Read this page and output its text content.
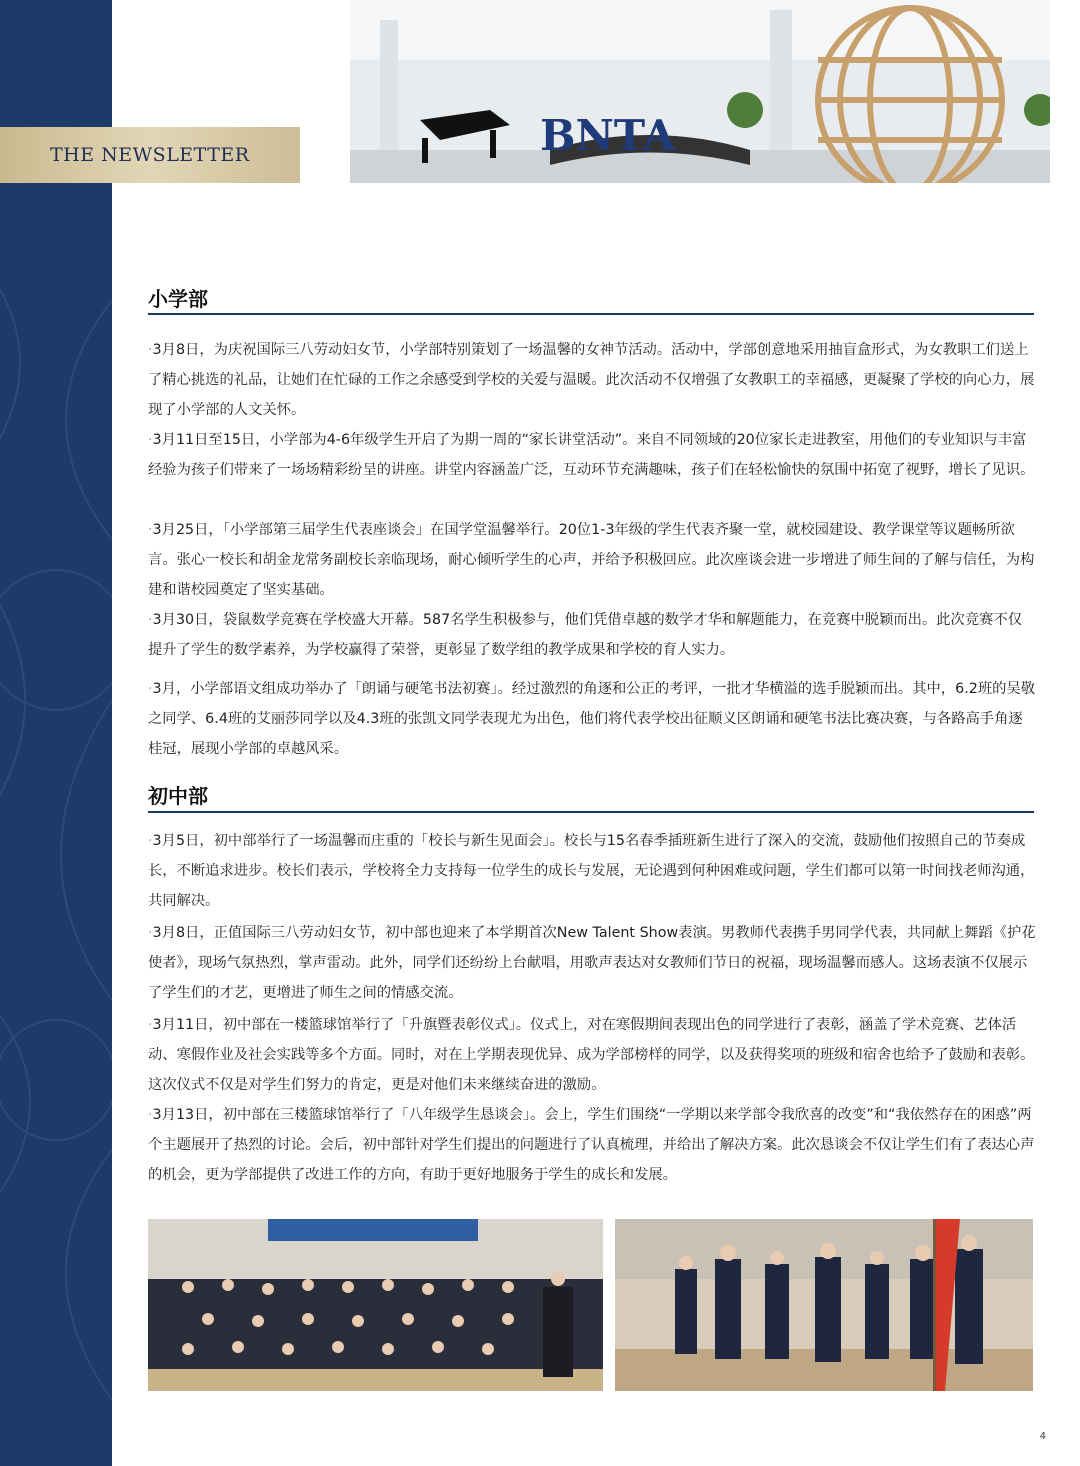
THE NEWSLETTER	BNTA
小学部

·3月8日，为庆祝国际三八劳动妇女节，小学部特别策划了一场温馨的女神节活动。活动中，学部创意地采用抽盲盒形式，为女教职工们送上了精心挑选的礼品，让她们在忙碌的工作之余感受到学校的关爱与温暖。此次活动不仅增强了女教职工的幸福感，更凝聚了学校的向心力，展现了小学部的人文关怀。

·3月11日至15日，小学部为4-6年级学生开启了为期一周的“家长讲堂活动”。来自不同领域的20位家长走进教室，用他们的专业知识与丰富经验为孩子们带来了一场场精彩纷呈的讲座。讲堂内容涵盖广泛，互动环节充满趣味，孩子们在轻松愉快的氛围中拓宽了视野，增长了见识。

·3月25日，「小学部第三届学生代表座谈会」在国学堂温馨举行。20位1-3年级的学生代表齐聚一堂，就校园建设、教学课堂等议题畅所欲言。张心一校长和胡金龙常务副校长亲临现场，耐心倾听学生的心声，并给予积极回应。此次座谈会进一步增进了师生间的了解与信任，为构建和谐校园奠定了坚实基础。

·3月30日，袋鼠数学竞赛在学校盛大开幕。587名学生积极参与，他们凭借卓越的数学才华和解题能力，在竞赛中脱颖而出。此次竞赛不仅提升了学生的数学素养，为学校赢得了荣誉，更彰显了数学组的教学成果和学校的育人实力。

·3月，小学部语文组成功举办了「朗诵与硬笔书法初赛」。经过激烈的角逐和公正的考评，一批才华横溢的选手脱颖而出。其中，6.2班的吴敬之同学、6.4班的艾丽莎同学以及4.3班的张凯文同学表现尤为出色，他们将代表学校出征顺义区朗诵和硬笔书法比赛决赛，与各路高手角逐桂冠，展现小学部的卓越风采。

初中部

·3月5日，初中部举行了一场温馨而庄重的「校长与新生见面会」。校长与15名春季插班新生进行了深入的交流，鼓励他们按照自己的节奏成长，不断追求进步。校长们表示，学校将全力支持每一位学生的成长与发展，无论遇到何种困难或问题，学生们都可以第一时间找老师沟通，共同解决。

·3月8日，正值国际三八劳动妇女节，初中部也迎来了本学期首次New Talent Show表演。男教师代表携手男同学代表，共同献上舞蹈《护花使者》，现场气氛热烈，掌声雷动。此外，同学们还纷纷上台献唱，用歌声表达对女教师们节日的祝福，现场温馨而感人。这场表演不仅展示了学生们的才艺，更增进了师生之间的情感交流。

·3月11日，初中部在一楼篮球馆举行了「升旗暨表彰仪式」。仪式上，对在寒假期间表现出色的同学进行了表彰，涵盖了学术竞赛、艺体活动、寒假作业及社会实践等多个方面。同时，对在上学期表现优异、成为学部榜样的同学，以及获得奖项的班级和宿舍也给予了鼓励和表彰。这次仪式不仅是对学生们努力的肯定，更是对他们未来继续奋进的激励。

·3月13日，初中部在三楼篮球馆举行了「八年级学生恳谈会」。会上，学生们围绕“一学期以来学部令我欣喜的改变”和“我依然存在的困惑”两个主题展开了热烈的讨论。会后，初中部针对学生们提出的问题进行了认真梳理，并给出了解决方案。此次恳谈会不仅让学生们有了表达心声的机会，更为学部提供了改进工作的方向，有助于更好地服务于学生的成长和发展。

4
